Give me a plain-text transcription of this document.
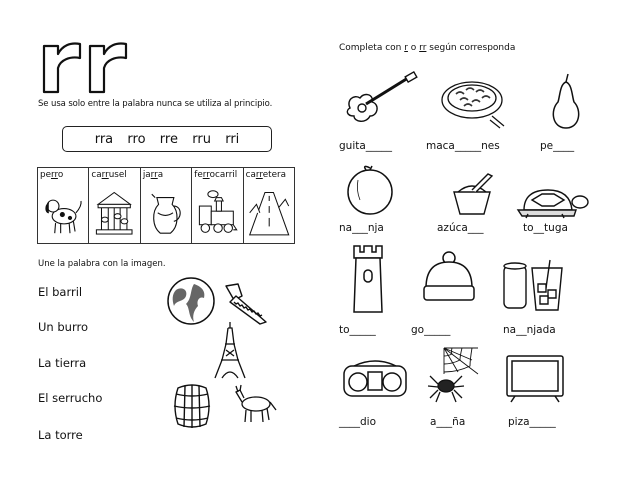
Se usa solo entre la palabra nunca se utiliza al principio.
rra  rro  rre  rru  rri
perro	carrusel jarra	ferrocarril carretera
Une la palabra con la imagen.
El barril
Un burro
La tierra
El serrucho
La torre
Completa con r o rr según corresponda
guita_____	maca_____nes	pe____
na___nja	azúca___	to__tuga
to_____	go_____	na__njada
____dio	a___ña	piza_____
